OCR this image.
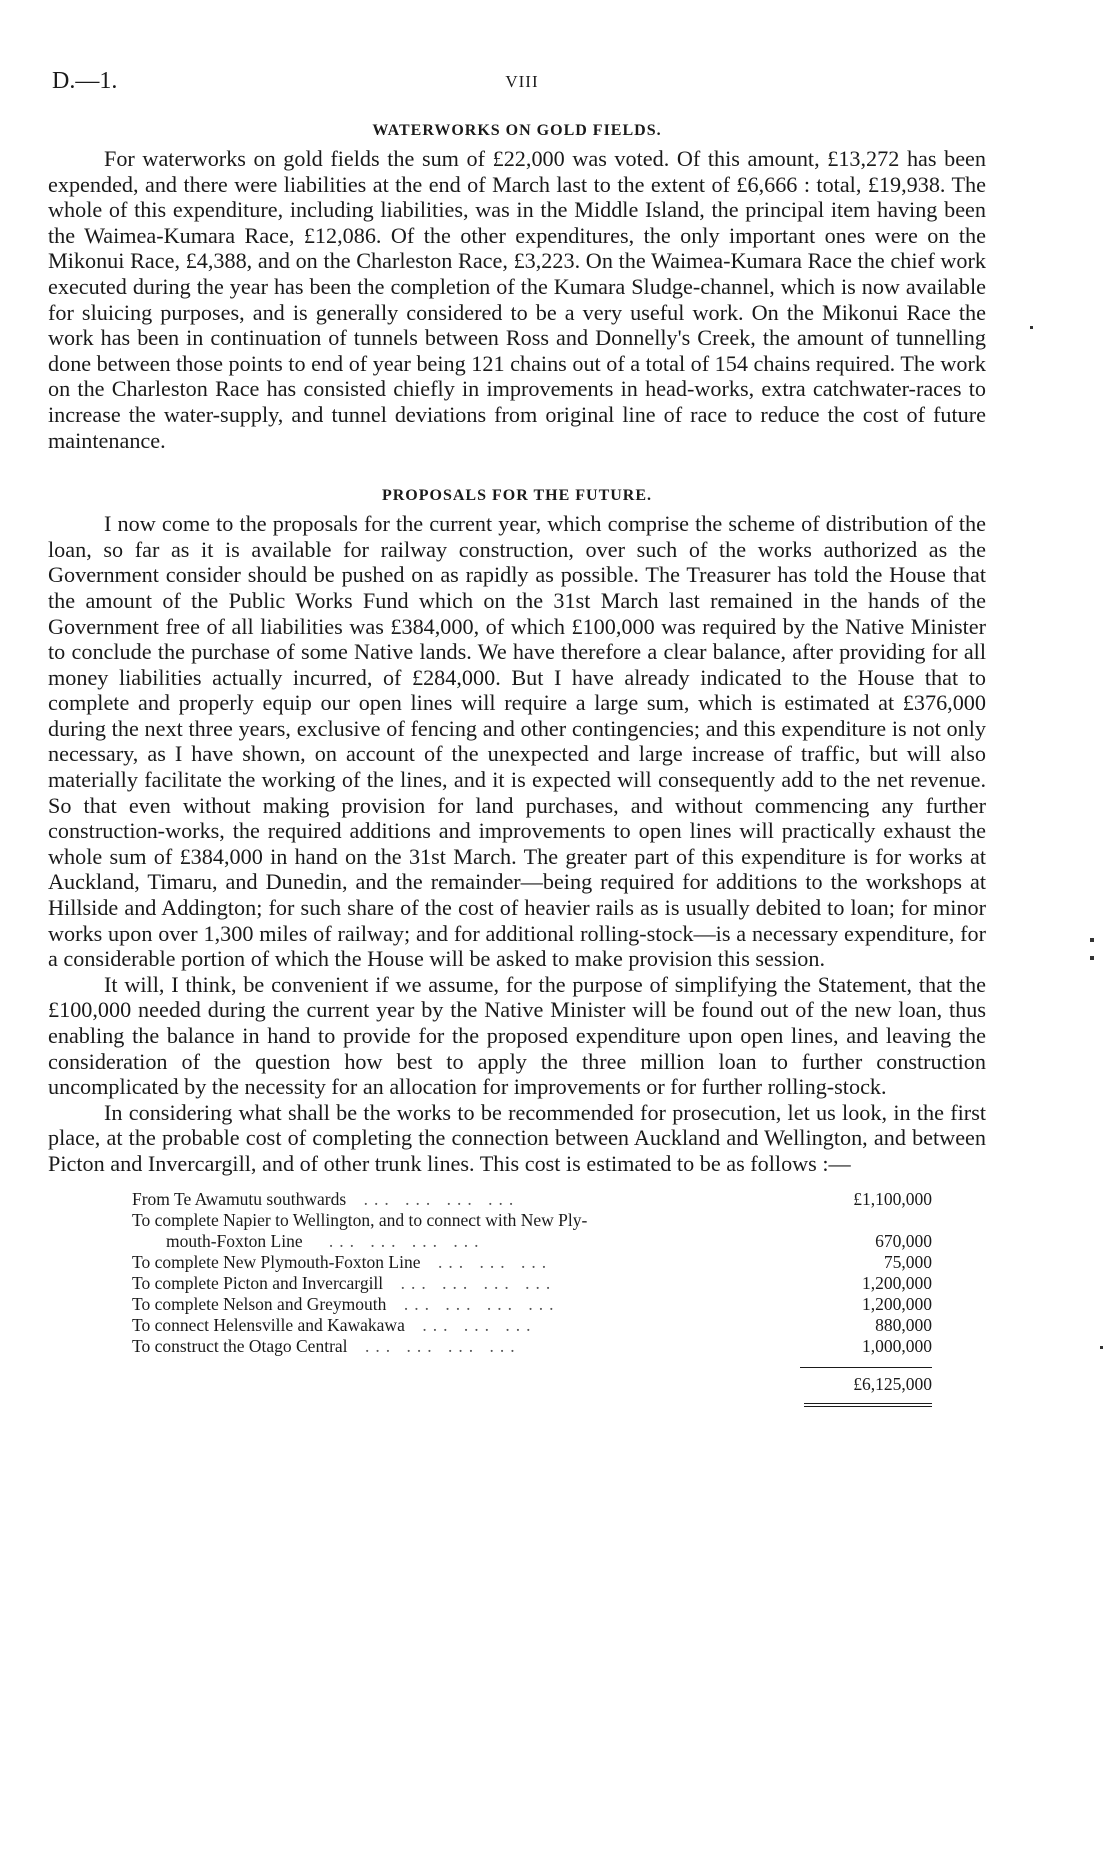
D.—1.	VIII
WATERWORKS ON GOLD FIELDS.

For waterworks on gold fields the sum of £22,000 was voted. Of this amount, £13,272 has been expended, and there were liabilities at the end of March last to the extent of £6,666 : total, £19,938. The whole of this expenditure, including liabilities, was in the Middle Island, the principal item having been the Waimea-Kumara Race, £12,086. Of the other expenditures, the only important ones were on the Mikonui Race, £4,388, and on the Charleston Race, £3,223. On the Waimea-Kumara Race the chief work executed during the year has been the completion of the Kumara Sludge-channel, which is now available for sluicing purposes, and is generally considered to be a very useful work. On the Mikonui Race the work has been in continuation of tunnels between Ross and Donnelly's Creek, the amount of tunnelling done between those points to end of year being 121 chains out of a total of 154 chains required. The work on the Charleston Race has consisted chiefly in improvements in head-works, extra catchwater-races to increase the water-supply, and tunnel deviations from original line of race to reduce the cost of future maintenance.

PROPOSALS FOR THE FUTURE.

I now come to the proposals for the current year, which comprise the scheme of distribution of the loan, so far as it is available for railway construction, over such of the works authorized as the Government consider should be pushed on as rapidly as possible. The Treasurer has told the House that the amount of the Public Works Fund which on the 31st March last remained in the hands of the Government free of all liabilities was £384,000, of which £100,000 was required by the Native Minister to conclude the purchase of some Native lands. We have therefore a clear balance, after providing for all money liabilities actually incurred, of £284,000. But I have already indicated to the House that to complete and properly equip our open lines will require a large sum, which is estimated at £376,000 during the next three years, exclusive of fencing and other contingencies; and this expenditure is not only necessary, as I have shown, on account of the unexpected and large increase of traffic, but will also materially facilitate the working of the lines, and it is expected will consequently add to the net revenue. So that even without making provision for land purchases, and without commencing any further construction-works, the required additions and improvements to open lines will practically exhaust the whole sum of £384,000 in hand on the 31st March. The greater part of this expenditure is for works at Auckland, Timaru, and Dunedin, and the remainder—being required for additions to the workshops at Hillside and Addington; for such share of the cost of heavier rails as is usually debited to loan; for minor works upon over 1,300 miles of railway; and for additional rolling-stock—is a necessary expenditure, for a considerable portion of which the House will be asked to make provision this session.

It will, I think, be convenient if we assume, for the purpose of simplifying the Statement, that the £100,000 needed during the current year by the Native Minister will be found out of the new loan, thus enabling the balance in hand to provide for the proposed expenditure upon open lines, and leaving the consideration of the question how best to apply the three million loan to further construction uncomplicated by the necessity for an allocation for improvements or for further rolling-stock.

In considering what shall be the works to be recommended for prosecution, let us look, in the first place, at the probable cost of completing the connection between Auckland and Wellington, and between Picton and Invercargill, and of other trunk lines. This cost is estimated to be as follows :—

From Te Awamutu southwards ... ... ... ...	£1,100,000
To complete Napier to Wellington, and to connect with New Ply-
mouth-Foxton Line ... ... ... ...	670,000
To complete New Plymouth-Foxton Line ... ... ...	75,000
To complete Picton and Invercargill ... ... ... ...	1,200,000
To complete Nelson and Greymouth ... ... ... ...	1,200,000
To connect Helensville and Kawakawa ... ... ...	880,000
To construct the Otago Central ... ... ... ...	1,000,000
£6,125,000
